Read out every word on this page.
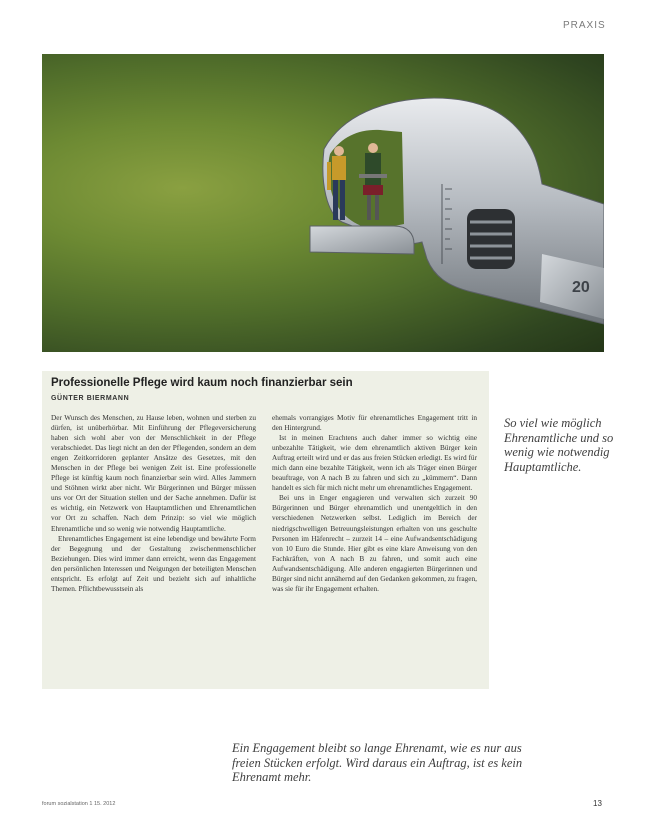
PRAXIS
20
Professionelle Pflege wird kaum noch finanzierbar sein
GÜNTER BIERMANN

Der Wunsch des Menschen, zu Hause leben, wohnen und sterben zu dürfen, ist unüberhörbar. Mit Einführung der Pflegeversicherung haben sich wohl aber von der Menschlichkeit in der Pflege verabschiedet. Das liegt nicht an den der Pflegenden, sondern an dem engen Zeitkorridoren geplanter Ansätze des Gesetzes, mit den Menschen in der Pflege bei wenigen Zeit ist. Eine professionelle Pflege ist künftig kaum noch finanzierbar sein wird. Alles Jammern und Stöhnen wirkt aber nicht. Wir Bürgerinnen und Bürger müssen uns vor Ort der Situation stellen und der Sache annehmen. Dafür ist es wichtig, ein Netzwerk von Hauptamtlichen und Ehrenamtlichen vor Ort zu schaffen. Nach dem Prinzip: so viel wie möglich Ehrenamtliche und so wenig wie notwendig Hauptamtliche.

Ehrenamtliches Engagement ist eine lebendige und bewährte Form der Begegnung und der Gestaltung zwischenmenschlicher Beziehungen. Dies wird immer dann erreicht, wenn das Engagement den persönlichen Interessen und Neigungen der beteiligten Menschen entspricht. Es erfolgt auf Zeit und bezieht sich auf inhaltliche Themen. Pflichtbewusstsein als

ehemals vorrangiges Motiv für ehrenamtliches Engagement tritt in den Hintergrund.

Ist in meinen Erachtens auch daher immer so wichtig eine unbezahlte Tätigkeit, wie dem ehrenamtlich aktiven Bürger kein Auftrag erteilt wird und er das aus freien Stücken erledigt. Es wird für mich dann eine bezahlte Tätigkeit, wenn ich als Träger einen Bürger beauftrage, von A nach B zu fahren und sich zu „kümmern“. Dann handelt es sich für mich nicht mehr um ehrenamtliches Engagement.

Bei uns in Enger engagieren und verwalten sich zurzeit 90 Bürgerinnen und Bürger ehrenamtlich und unentgeltlich in den verschiedenen Netzwerken selbst. Lediglich im Bereich der niedrigschwelligen Betreuungsleistungen erhalten von uns geschulte Personen im Häfenrecht – zurzeit 14 – eine Aufwandsentschädigung von 10 Euro die Stunde. Hier gibt es eine klare Anweisung von den Fachkräften, von A nach B zu fahren, und somit auch eine Aufwandsentschädigung. Alle anderen engagierten Bürgerinnen und Bürger sind nicht annähernd auf den Gedanken gekommen, zu fragen, was sie für ihr Engagement erhalten.

So viel wie möglich Ehrenamtliche und so wenig wie notwendig Hauptamtliche.
Ein Engagement bleibt so lange Ehrenamt, wie es nur aus freien Stücken erfolgt. Wird daraus ein Auftrag, ist es kein Ehrenamt mehr.
forum sozialstation 1 15. 2012	13
